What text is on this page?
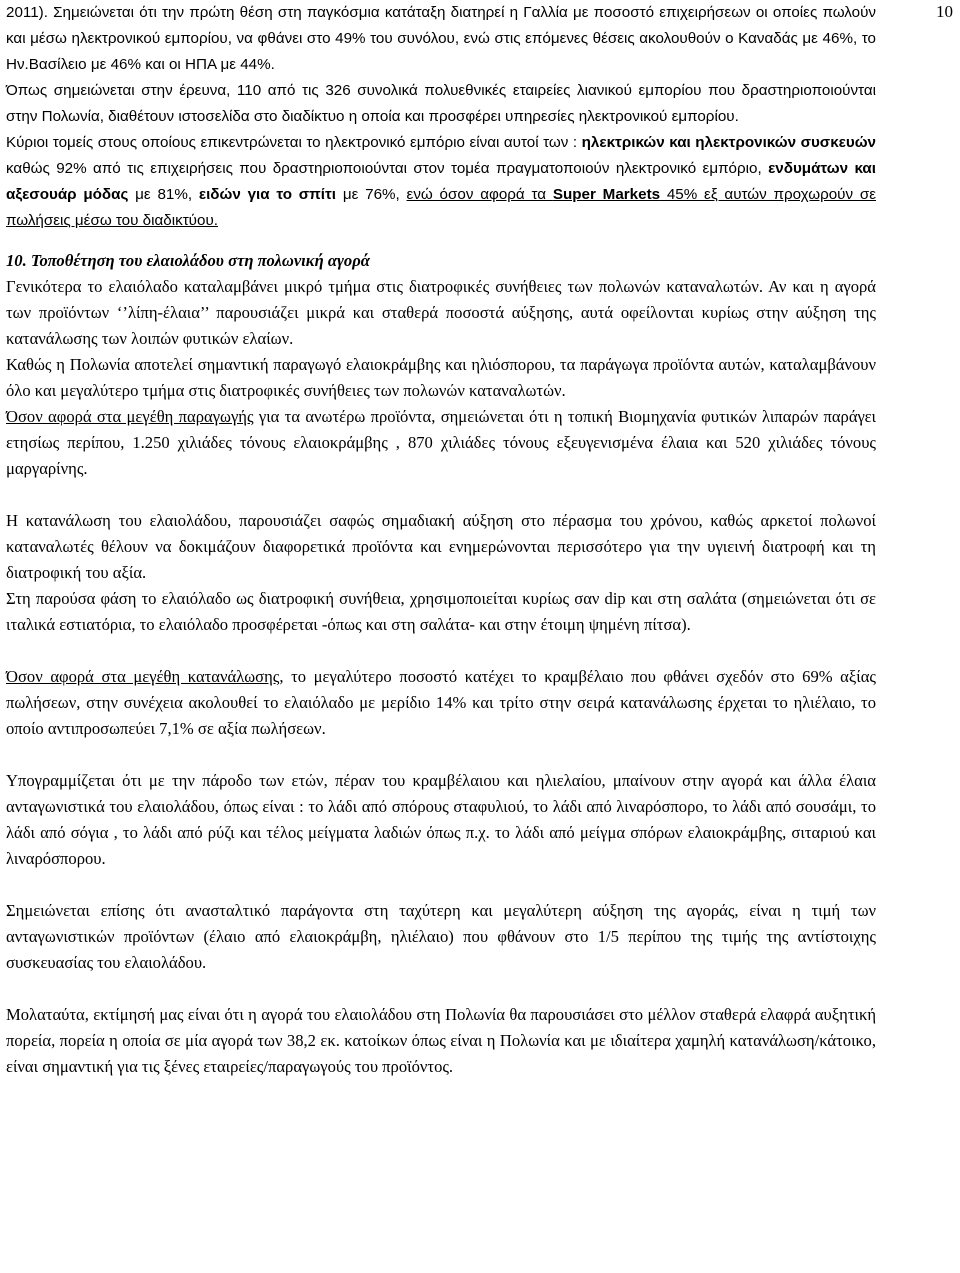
10

2011). Σημειώνεται ότι την πρώτη θέση στη παγκόσμια κατάταξη διατηρεί η Γαλλία με ποσοστό επιχειρήσεων οι οποίες πωλούν και μέσω ηλεκτρονικού εμπορίου, να φθάνει στο 49% του συνόλου, ενώ στις επόμενες θέσεις ακολουθούν ο Καναδάς με 46%, το Ην.Βασίλειο με 46% και οι ΗΠΑ με 44%.

Όπως σημειώνεται στην έρευνα, 110 από τις 326 συνολικά πολυεθνικές εταιρείες λιανικού εμπορίου που δραστηριοποιούνται στην Πολωνία, διαθέτουν ιστοσελίδα στο διαδίκτυο η οποία και προσφέρει υπηρεσίες ηλεκτρονικού εμπορίου.

Κύριοι τομείς στους οποίους επικεντρώνεται το ηλεκτρονικό εμπόριο είναι αυτοί των : ηλεκτρικών και ηλεκτρονικών συσκευών καθώς 92% από τις επιχειρήσεις που δραστηριοποιούνται στον τομέα πραγματοποιούν ηλεκτρονικό εμπόριο, ενδυμάτων και αξεσουάρ μόδας με 81%, ειδών για το σπίτι με 76%, ενώ όσον αφορά τα Super Markets 45% εξ αυτών προχωρούν σε πωλήσεις μέσω του διαδικτύου.

10. Τοποθέτηση του ελαιολάδου στη πολωνική αγορά

Γενικότερα το ελαιόλαδο καταλαμβάνει μικρό τμήμα στις διατροφικές συνήθειες των πολωνών καταναλωτών. Αν και η αγορά των προϊόντων ‘’λίπη-έλαια’’ παρουσιάζει μικρά και σταθερά ποσοστά αύξησης, αυτά οφείλονται κυρίως στην αύξηση της κατανάλωσης των λοιπών φυτικών ελαίων.

Καθώς η Πολωνία αποτελεί σημαντική παραγωγό ελαιοκράμβης και ηλιόσπορου, τα παράγωγα προϊόντα αυτών, καταλαμβάνουν όλο και μεγαλύτερο τμήμα στις διατροφικές συνήθειες των πολωνών καταναλωτών.

Όσον αφορά στα μεγέθη παραγωγής για τα ανωτέρω προϊόντα, σημειώνεται ότι η τοπική Βιομηχανία φυτικών λιπαρών παράγει ετησίως περίπου, 1.250 χιλιάδες τόνους ελαιοκράμβης , 870 χιλιάδες τόνους εξευγενισμένα έλαια και 520 χιλιάδες τόνους μαργαρίνης.

Η κατανάλωση του ελαιολάδου, παρουσιάζει σαφώς σημαδιακή αύξηση στο πέρασμα του χρόνου, καθώς αρκετοί πολωνοί καταναλωτές θέλουν να δοκιμάζουν διαφορετικά προϊόντα και ενημερώνονται περισσότερο για την υγιεινή διατροφή και τη διατροφική του αξία.

Στη παρούσα φάση το ελαιόλαδο ως διατροφική συνήθεια, χρησιμοποιείται κυρίως σαν dip και στη σαλάτα (σημειώνεται ότι σε ιταλικά εστιατόρια, το ελαιόλαδο προσφέρεται -όπως και στη σαλάτα- και στην έτοιμη ψημένη πίτσα).

Όσον αφορά στα μεγέθη κατανάλωσης, το μεγαλύτερο ποσοστό κατέχει το κραμβέλαιο που φθάνει σχεδόν στο 69% αξίας πωλήσεων, στην συνέχεια ακολουθεί το ελαιόλαδο με μερίδιο 14% και τρίτο στην σειρά κατανάλωσης έρχεται το ηλιέλαιο, το οποίο αντιπροσωπεύει 7,1% σε αξία πωλήσεων.

Υπογραμμίζεται ότι με την πάροδο των ετών, πέραν του κραμβέλαιου και ηλιελαίου, μπαίνουν στην αγορά και άλλα έλαια ανταγωνιστικά του ελαιολάδου, όπως είναι : το λάδι από σπόρους σταφυλιού, το λάδι από λιναρόσπορο, το λάδι από σουσάμι, το λάδι από σόγια , το λάδι από ρύζι και τέλος μείγματα λαδιών όπως π.χ. το λάδι από μείγμα σπόρων ελαιοκράμβης, σιταριού και λιναρόσπορου.

Σημειώνεται επίσης ότι ανασταλτικό παράγοντα στη ταχύτερη και μεγαλύτερη αύξηση της αγοράς, είναι η τιμή των ανταγωνιστικών προϊόντων (έλαιο από ελαιοκράμβη, ηλιέλαιο) που φθάνουν στο 1/5 περίπου της τιμής της αντίστοιχης συσκευασίας του ελαιολάδου.

Μολαταύτα, εκτίμησή μας είναι ότι η αγορά του ελαιολάδου στη Πολωνία θα παρουσιάσει στο μέλλον σταθερά ελαφρά αυξητική πορεία, πορεία η οποία σε μία αγορά των 38,2 εκ. κατοίκων όπως είναι η Πολωνία και με ιδιαίτερα χαμηλή κατανάλωση/κάτοικο, είναι σημαντική για τις ξένες εταιρείες/παραγωγούς του προϊόντος.
